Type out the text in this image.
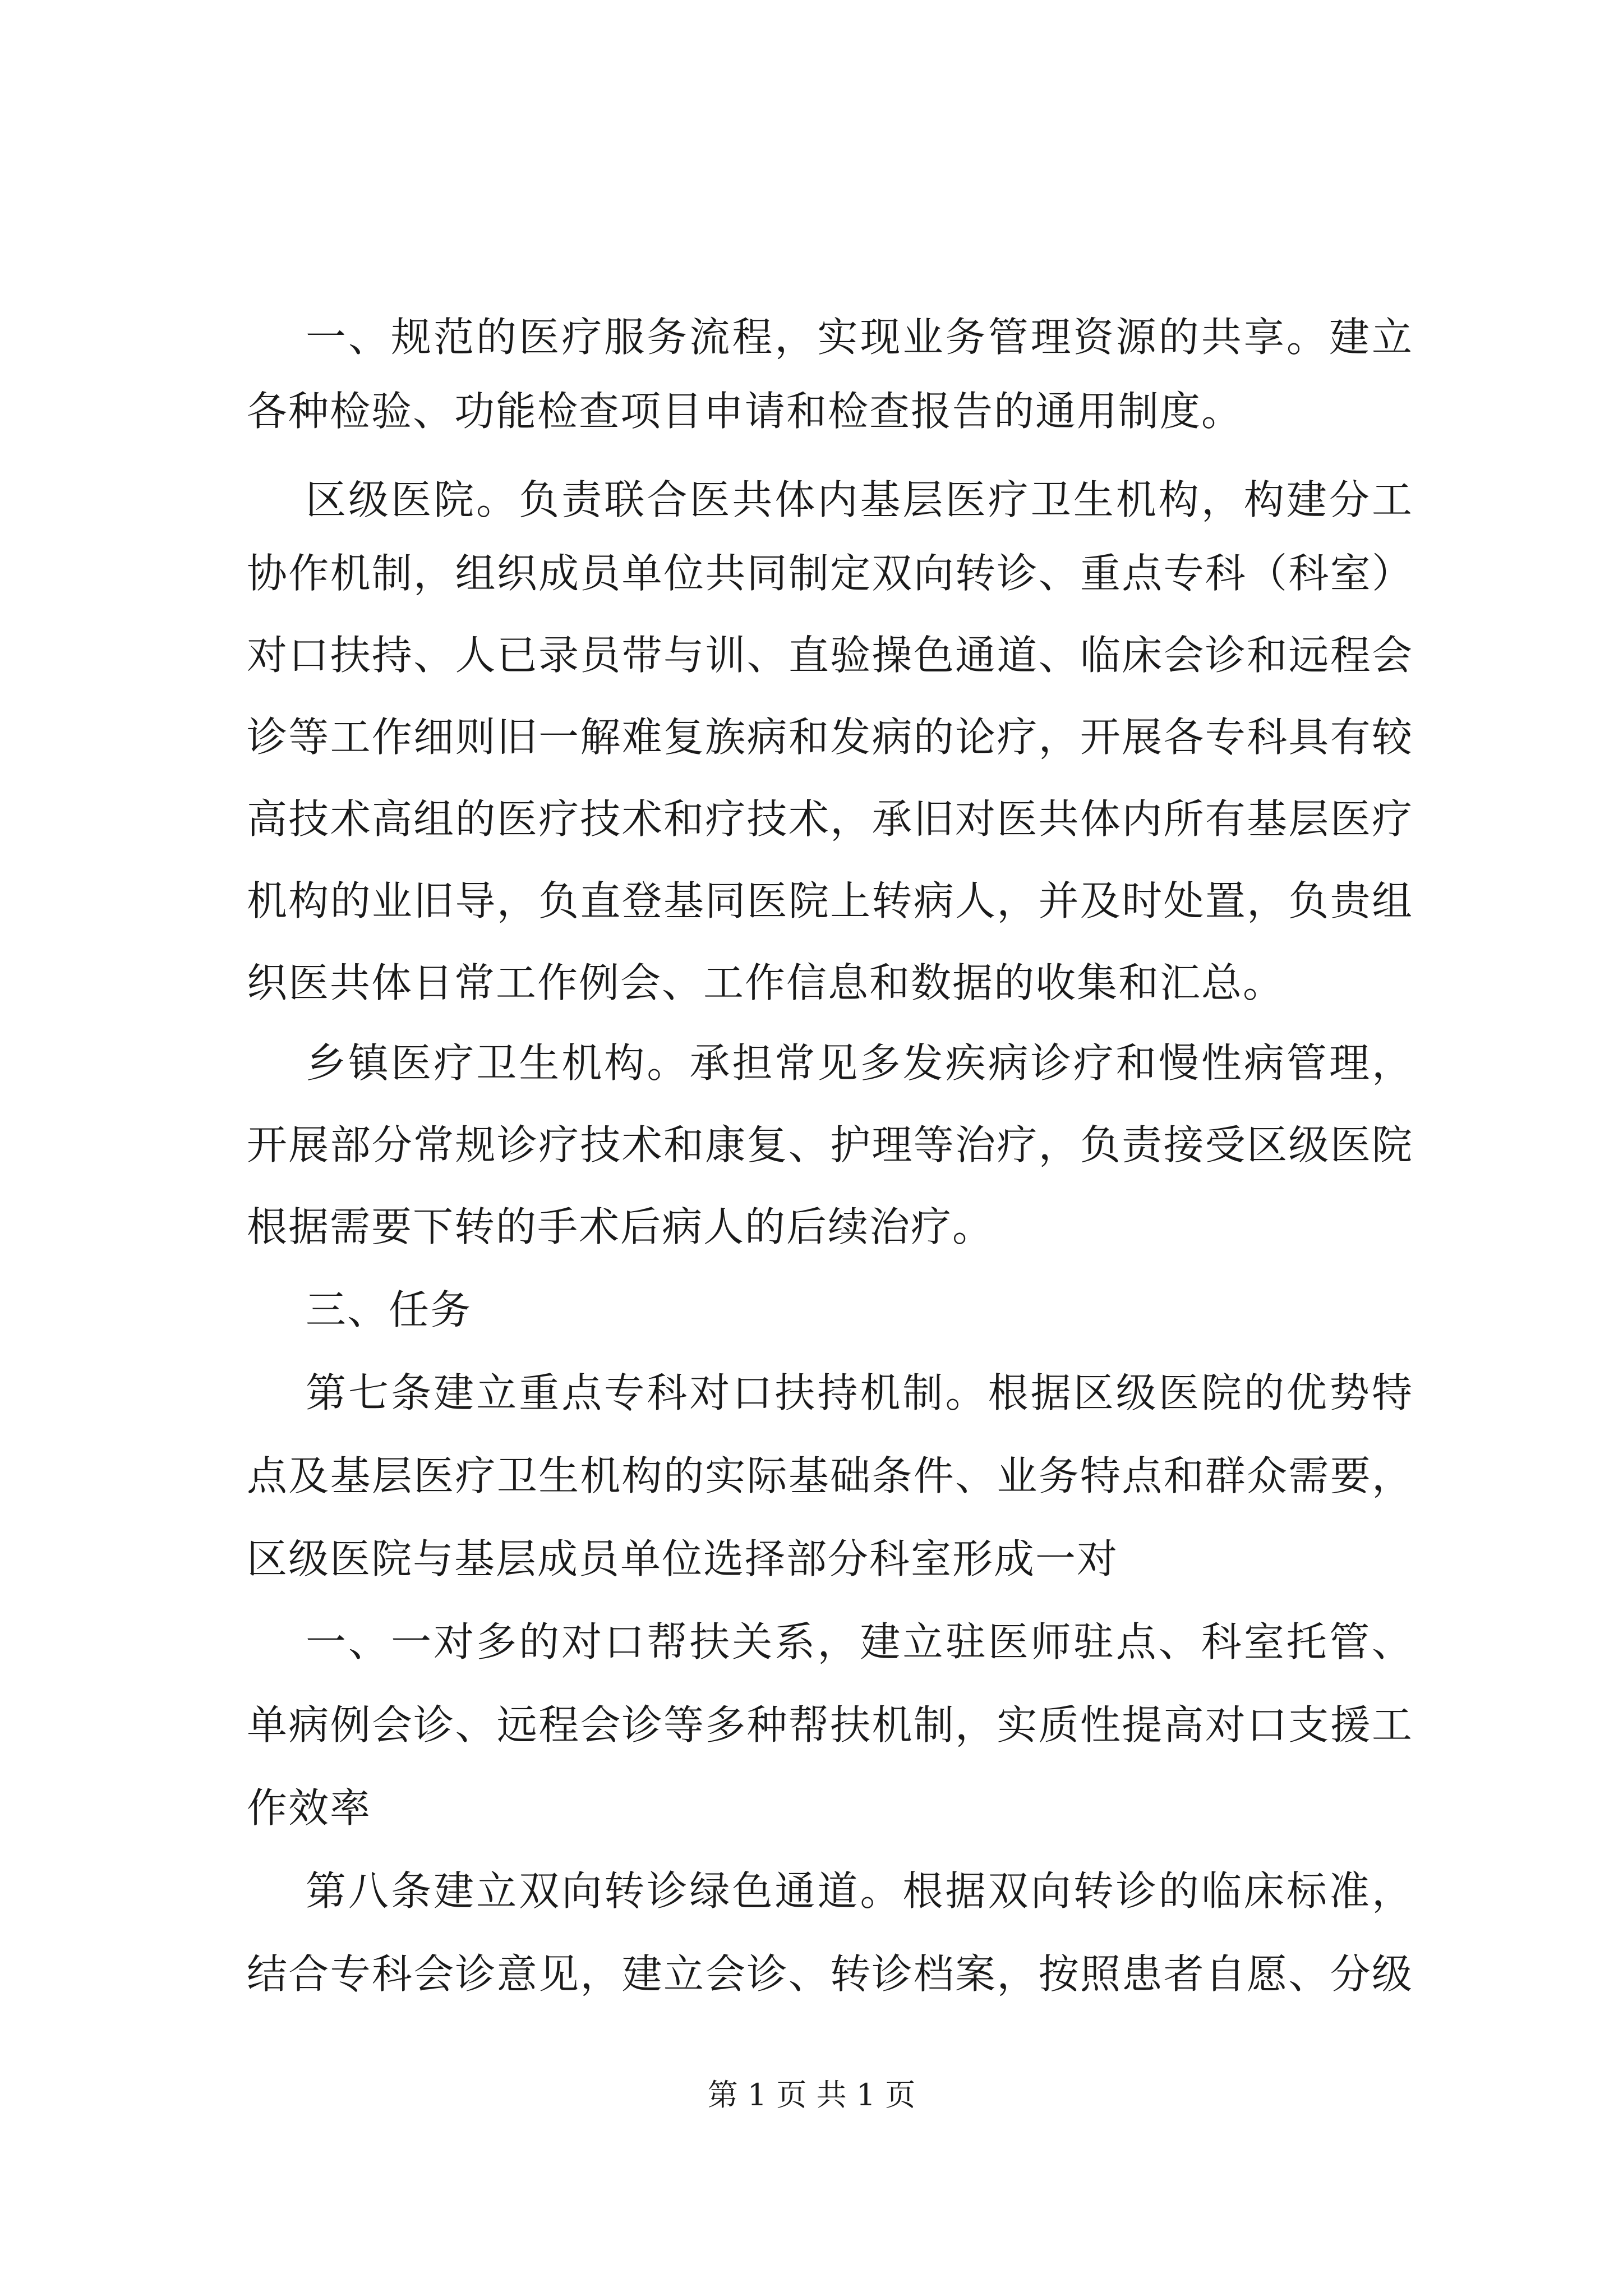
一、规范的医疗服务流程，实现业务管理资源的共享。建立
各种检验、功能检查项目申请和检查报告的通用制度。
区级医院。负责联合医共体内基层医疗卫生机构，构建分工
协作机制，组织成员单位共同制定双向转诊、重点专科（科室）
对口扶持、人已录员带与训、直验操色通道、临床会诊和远程会
诊等工作细则旧一解难复族病和发病的论疗，开展各专科具有较
高技术高组的医疗技术和疗技术，承旧对医共体内所有基层医疗
机构的业旧导，负直登基同医院上转病人，并及时处置，负贵组
织医共体日常工作例会、工作信息和数据的收集和汇总。
乡镇医疗卫生机构。承担常见多发疾病诊疗和慢性病管理，
开展部分常规诊疗技术和康复、护理等治疗，负责接受区级医院
根据需要下转的手术后病人的后续治疗。
三、任务
第七条建立重点专科对口扶持机制。根据区级医院的优势特
点及基层医疗卫生机构的实际基础条件、业务特点和群众需要，
区级医院与基层成员单位选择部分科室形成一对
一、一对多的对口帮扶关系，建立驻医师驻点、科室托管、
单病例会诊、远程会诊等多种帮扶机制，实质性提高对口支援工
作效率
第八条建立双向转诊绿色通道。根据双向转诊的临床标准，
结合专科会诊意见，建立会诊、转诊档案，按照患者自愿、分级
第 1 页 共 1 页
